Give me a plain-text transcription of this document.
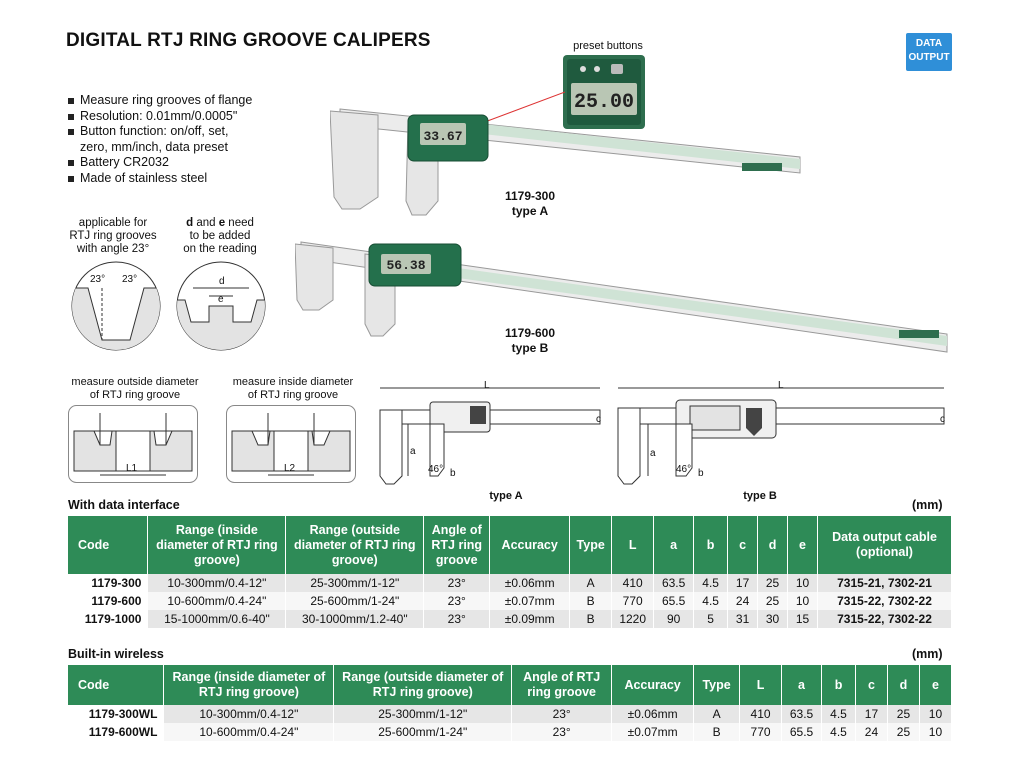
DIGITAL RTJ RING GROOVE CALIPERS	DATA
OUTPUT
Measure ring grooves of flange
Resolution: 0.01mm/0.0005"
Button function: on/off, set,
zero, mm/inch, data preset
Battery CR2032
Made of stainless steel
preset buttons
25.00
33.67
1179-300
type A
56.38
1179-600
type B
applicable for
RTJ ring grooves
with angle 23°
d and e need
to be added
on the reading
23° 23°	d
e
measure outside diameter
of RTJ ring groove
measure inside diameter
of RTJ ring groove
L1	L2
L
a
46° b
c
type A
L
a
46° b
c
type B
With data interface	(mm)
Code	Range (inside diameter of RTJ ring groove)	Range (outside diameter of RTJ ring groove)	Angle of RTJ ring groove	Accuracy	Type	L	a	b	c	d	e	Data output cable (optional)
1179-300	10-300mm/0.4-12"	25-300mm/1-12"	23°	±0.06mm	A	410	63.5	4.5	17	25	10	7315-21, 7302-21
1179-600	10-600mm/0.4-24"	25-600mm/1-24"	23°	±0.07mm	B	770	65.5	4.5	24	25	10	7315-22, 7302-22
1179-1000	15-1000mm/0.6-40"	30-1000mm/1.2-40"	23°	±0.09mm	B	1220	90	5	31	30	15	7315-22, 7302-22
Built-in wireless	(mm)
Code	Range (inside diameter of RTJ ring groove)	Range (outside diameter of RTJ ring groove)	Angle of RTJ ring groove	Accuracy	Type	L	a	b	c	d	e
1179-300WL	10-300mm/0.4-12"	25-300mm/1-12"	23°	±0.06mm	A	410	63.5	4.5	17	25	10
1179-600WL	10-600mm/0.4-24"	25-600mm/1-24"	23°	±0.07mm	B	770	65.5	4.5	24	25	10
